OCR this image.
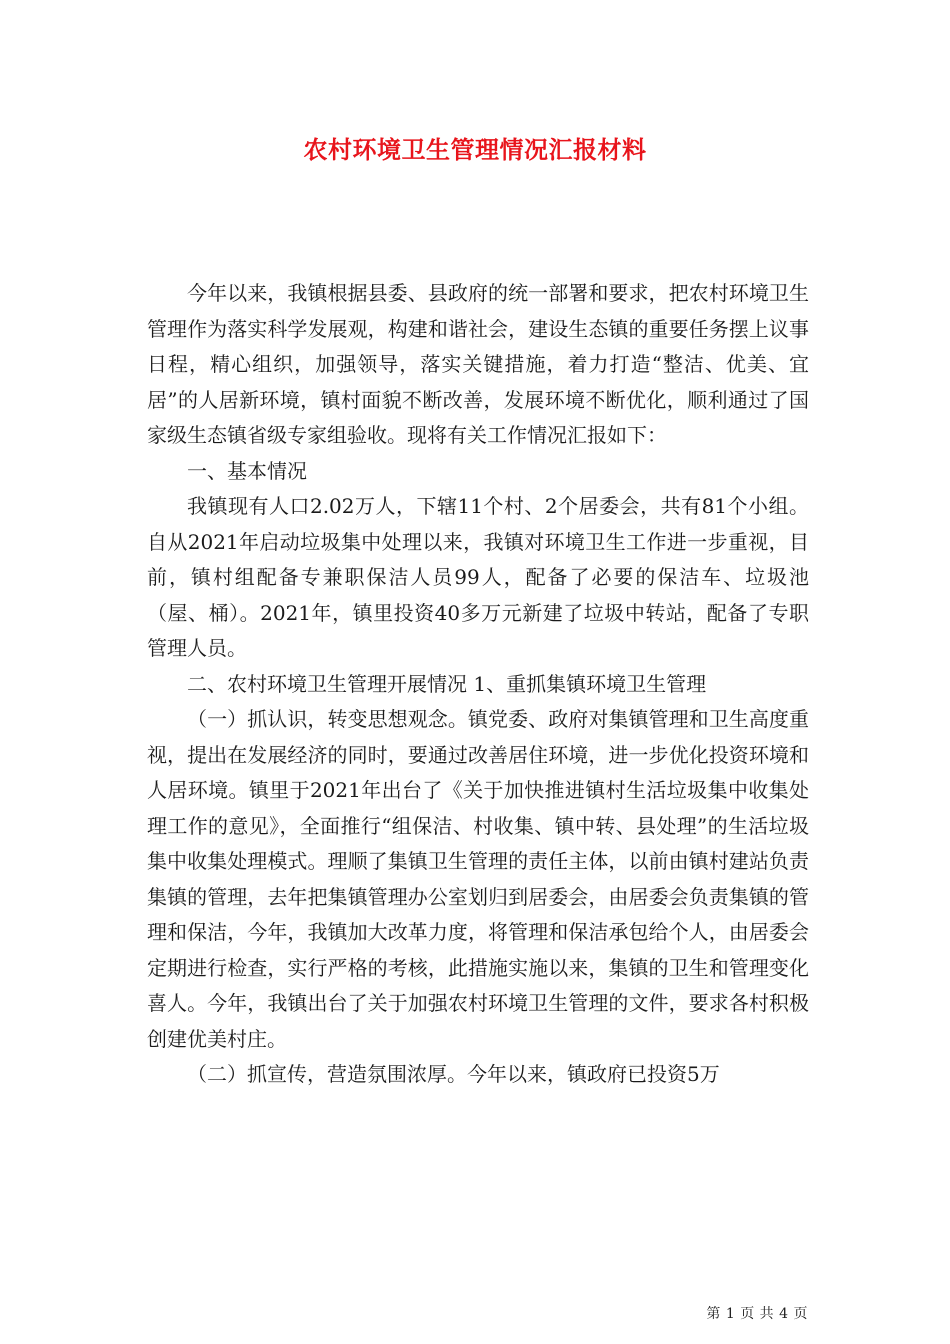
农村环境卫生管理情况汇报材料

今年以来，我镇根据县委、县政府的统一部署和要求，把农村环境卫生管理作为落实科学发展观，构建和谐社会，建设生态镇的重要任务摆上议事日程，精心组织，加强领导，落实关键措施，着力打造“整洁、优美、宜居”的人居新环境，镇村面貌不断改善，发展环境不断优化，顺利通过了国家级生态镇省级专家组验收。现将有关工作情况汇报如下：

一、基本情况

我镇现有人口2.02万人，下辖11个村、2个居委会，共有81个小组。自从2021年启动垃圾集中处理以来，我镇对环境卫生工作进一步重视，目前，镇村组配备专兼职保洁人员99人，配备了必要的保洁车、垃圾池（屋、桶）。2021年，镇里投资40多万元新建了垃圾中转站，配备了专职管理人员。

二、农村环境卫生管理开展情况 1、重抓集镇环境卫生管理

（一）抓认识，转变思想观念。镇党委、政府对集镇管理和卫生高度重视，提出在发展经济的同时，要通过改善居住环境，进一步优化投资环境和人居环境。镇里于2021年出台了《关于加快推进镇村生活垃圾集中收集处理工作的意见》，全面推行“组保洁、村收集、镇中转、县处理”的生活垃圾集中收集处理模式。理顺了集镇卫生管理的责任主体，以前由镇村建站负责集镇的管理，去年把集镇管理办公室划归到居委会，由居委会负责集镇的管理和保洁，今年，我镇加大改革力度，将管理和保洁承包给个人，由居委会定期进行检查，实行严格的考核，此措施实施以来，集镇的卫生和管理变化喜人。今年，我镇出台了关于加强农村环境卫生管理的文件，要求各村积极创建优美村庄。

（二）抓宣传，营造氛围浓厚。今年以来，镇政府已投资5万

第 1 页 共 4 页
